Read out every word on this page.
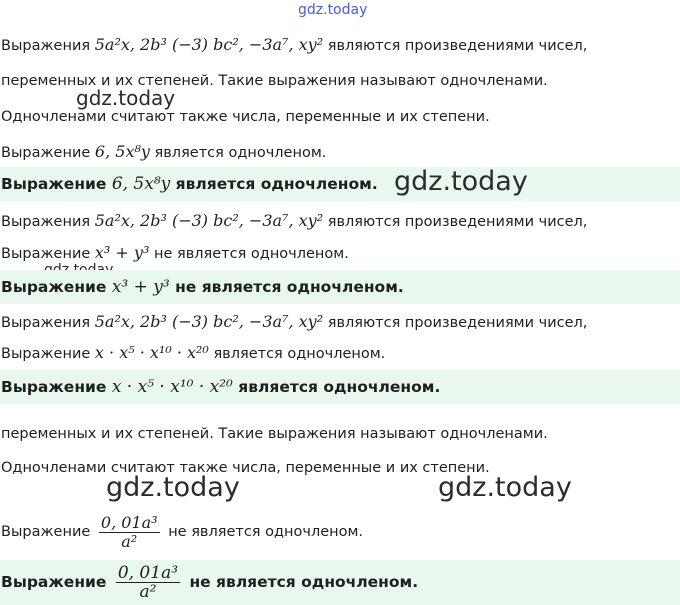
gdz.today
Выражения 5a²x, 2b³ (−3) bc², −3a⁷, xy² являются произведениями чисел,
переменных и их степеней. Такие выражения называют одночленами.
gdz.today
Одночленами считают также числа, переменные и их степени.
Выражение 6, 5x⁸y является одночленом.
Выражение 6, 5x⁸y является одночленом. gdz.today
Выражения 5a²x, 2b³ (−3) bc², −3a⁷, xy² являются произведениями чисел,
Выражение x³ + y³ не является одночленом.
Выражение x³ + y³ не является одночленом.
Выражения 5a²x, 2b³ (−3) bc², −3a⁷, xy² являются произведениями чисел,
Выражение x · x⁵ · x¹⁰ · x²⁰ является одночленом.
Выражение x · x⁵ · x¹⁰ · x²⁰ является одночленом.
переменных и их степеней. Такие выражения называют одночленами.
Одночленами считают также числа, переменные и их степени.
gdz.today	gdz.today
Выражение $\frac{\text{0, 01a³}}{\text{a²}}$ не является одночленом.
Выражение $\frac{\text{0, 01a³}}{\text{a²}}$ не является одночленом.
